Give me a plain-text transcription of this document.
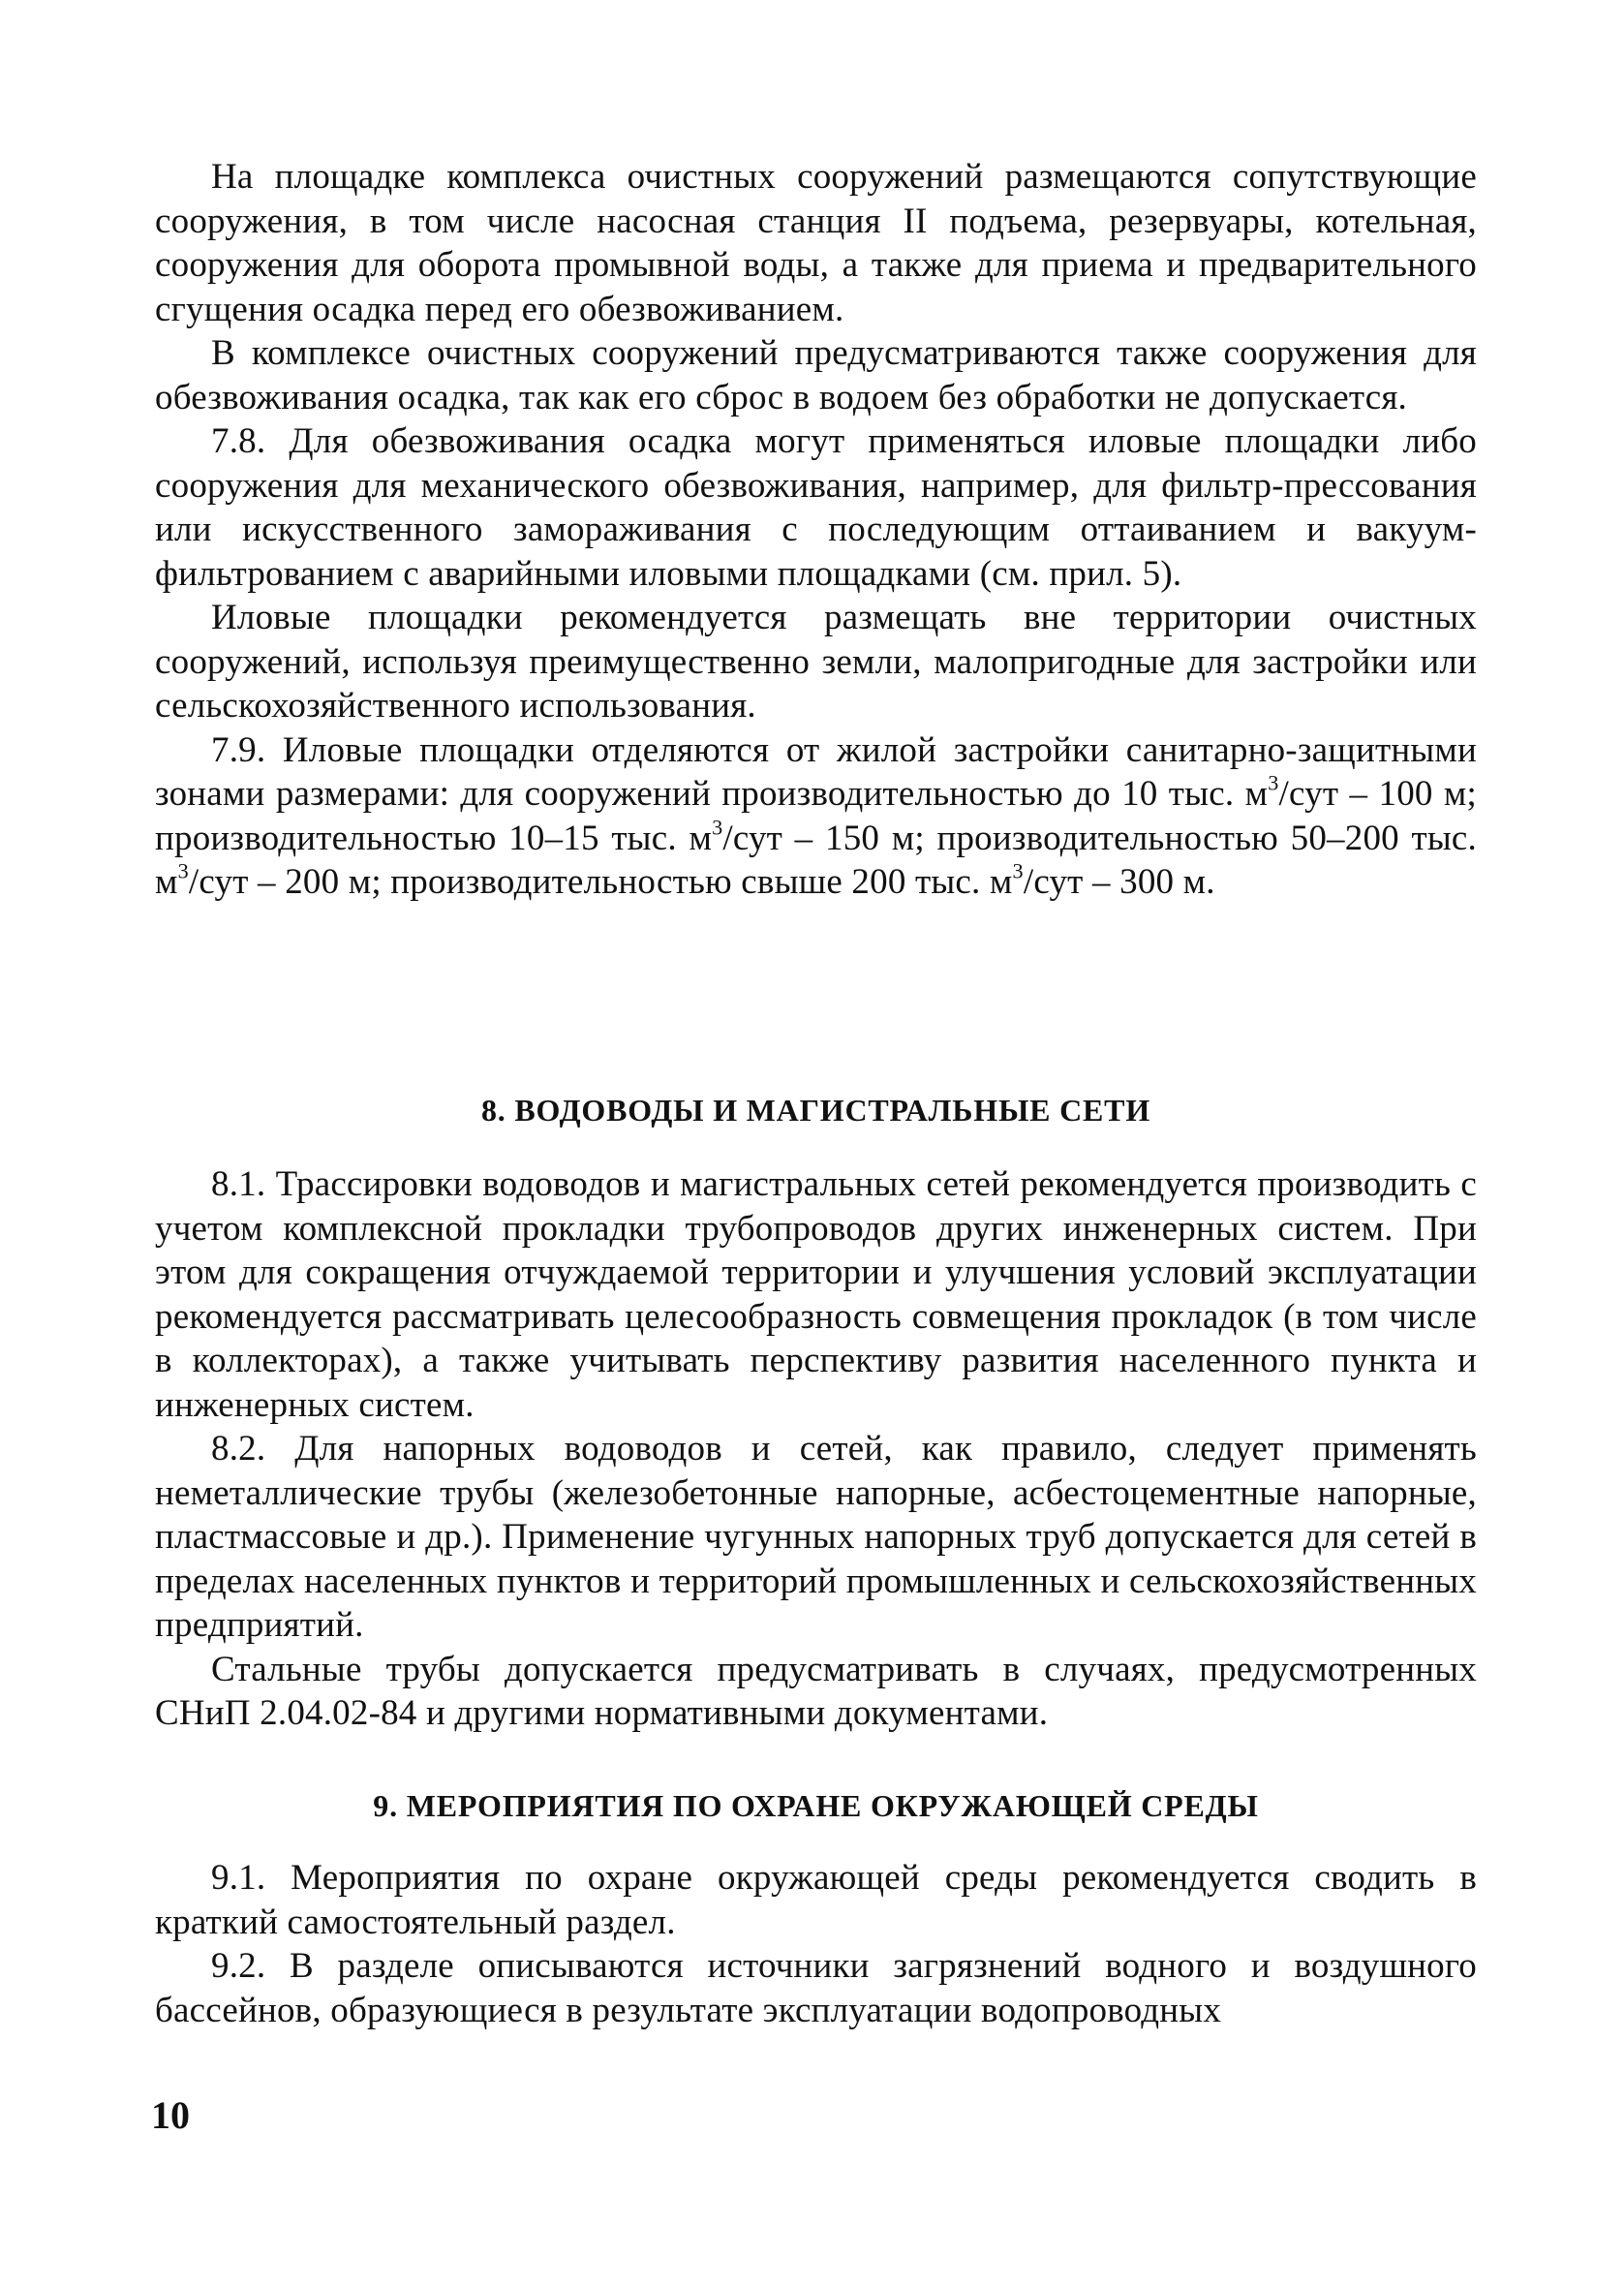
На площадке комплекса очистных сооружений размещаются сопутствующие сооружения, в том числе насосная станция II подъема, резервуары, котельная, сооружения для оборота промывной воды, а также для приема и предварительного сгущения осадка перед его обезвоживанием.

В комплексе очистных сооружений предусматриваются также сооружения для обезвоживания осадка, так как его сброс в водоем без обработки не допускается.

7.8. Для обезвоживания осадка могут применяться иловые площадки либо сооружения для механического обезвоживания, например, для фильтр-прессования или искусственного замораживания с последующим оттаиванием и вакуум-фильтрованием с аварийными иловыми площадками (см. прил. 5).

Иловые площадки рекомендуется размещать вне территории очистных сооружений, используя преимущественно земли, малопригодные для застройки или сельскохозяйственного использования.

7.9. Иловые площадки отделяются от жилой застройки санитарно-защитными зонами размерами: для сооружений производительностью до 10 тыс. $м^3$/сут – 100 м; производительностью 10–15 тыс. $м^3$/сут – 150 м; производительностью 50–200 тыс. $м^3$/сут – 200 м; производительностью свыше 200 тыс. $м^3$/сут – 300 м.

8. ВОДОВОДЫ И МАГИСТРАЛЬНЫЕ СЕТИ

8.1. Трассировки водоводов и магистральных сетей рекомендуется производить с учетом комплексной прокладки трубопроводов других инженерных систем. При этом для сокращения отчуждаемой территории и улучшения условий эксплуатации рекомендуется рассматривать целесообразность совмещения прокладок (в том числе в коллекторах), а также учитывать перспективу развития населенного пункта и инженерных систем.

8.2. Для напорных водоводов и сетей, как правило, следует применять неметаллические трубы (железобетонные напорные, асбестоцементные напорные, пластмассовые и др.). Применение чугунных напорных труб допускается для сетей в пределах населенных пунктов и территорий промышленных и сельскохозяйственных предприятий.

Стальные трубы допускается предусматривать в случаях, предусмотренных СНиП 2.04.02-84 и другими нормативными документами.

9. МЕРОПРИЯТИЯ ПО ОХРАНЕ ОКРУЖАЮЩЕЙ СРЕДЫ

9.1. Мероприятия по охране окружающей среды рекомендуется сводить в краткий самостоятельный раздел.

9.2. В разделе описываются источники загрязнений водного и воздушного бассейнов, образующиеся в результате эксплуатации водопроводных

10
